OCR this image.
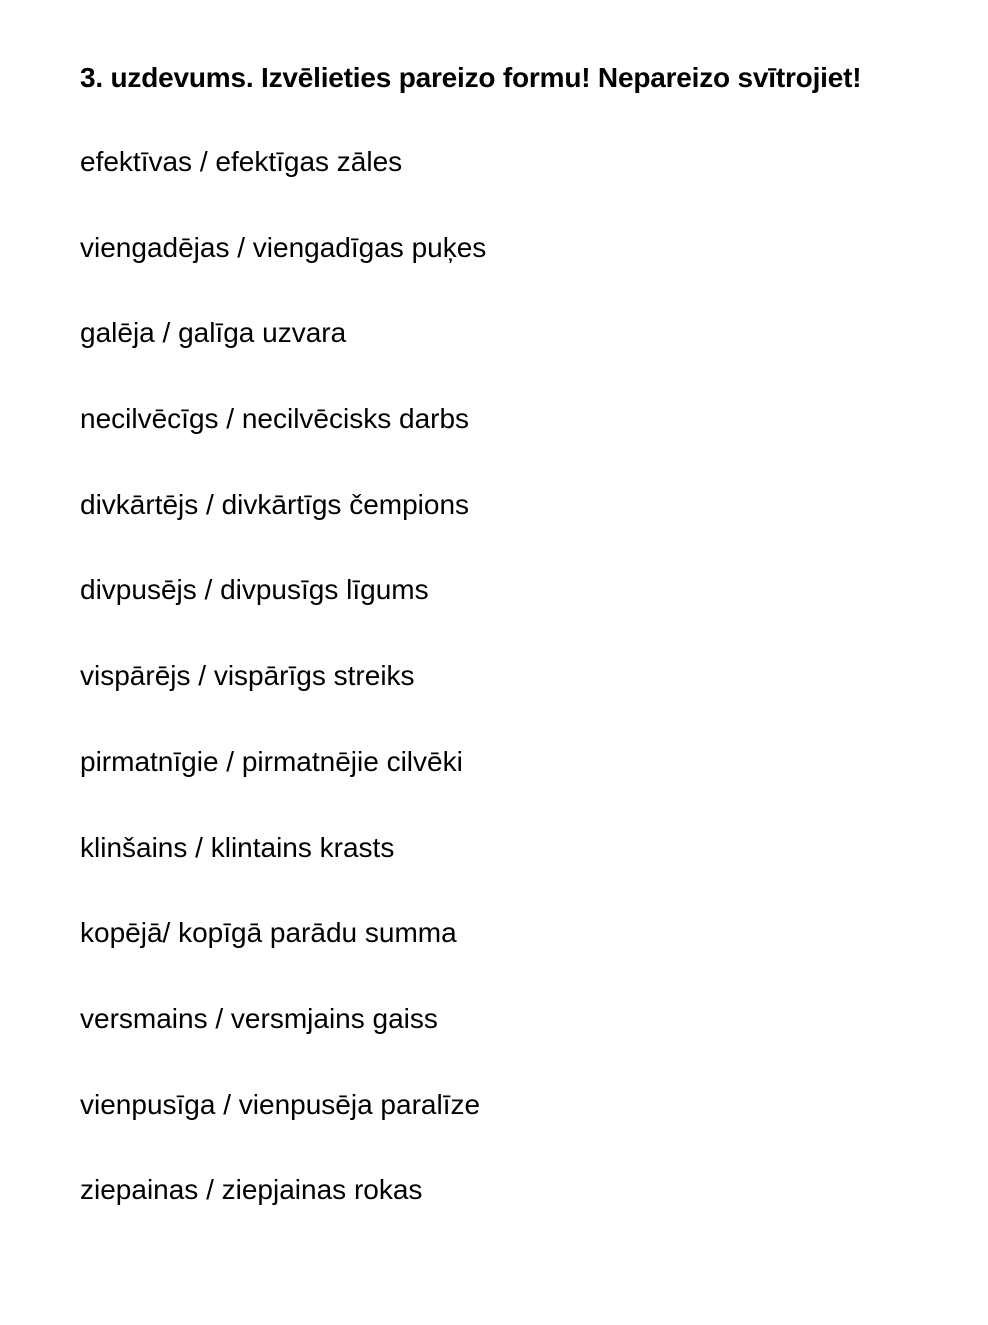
3. uzdevums. Izvēlieties pareizo formu! Nepareizo svītrojiet!
efektīvas / efektīgas zāles
viengadējas / viengadīgas puķes
galēja / galīga uzvara
necilvēcīgs / necilvēcisks darbs
divkārtējs / divkārtīgs čempions
divpusējs / divpusīgs līgums
vispārējs / vispārīgs streiks
pirmatnīgie / pirmatnējie cilvēki
klinšains / klintains krasts
kopējā/ kopīgā parādu summa
versmains / versmjains gaiss
vienpusīga / vienpusēja paralīze
ziepainas / ziepjainas rokas
